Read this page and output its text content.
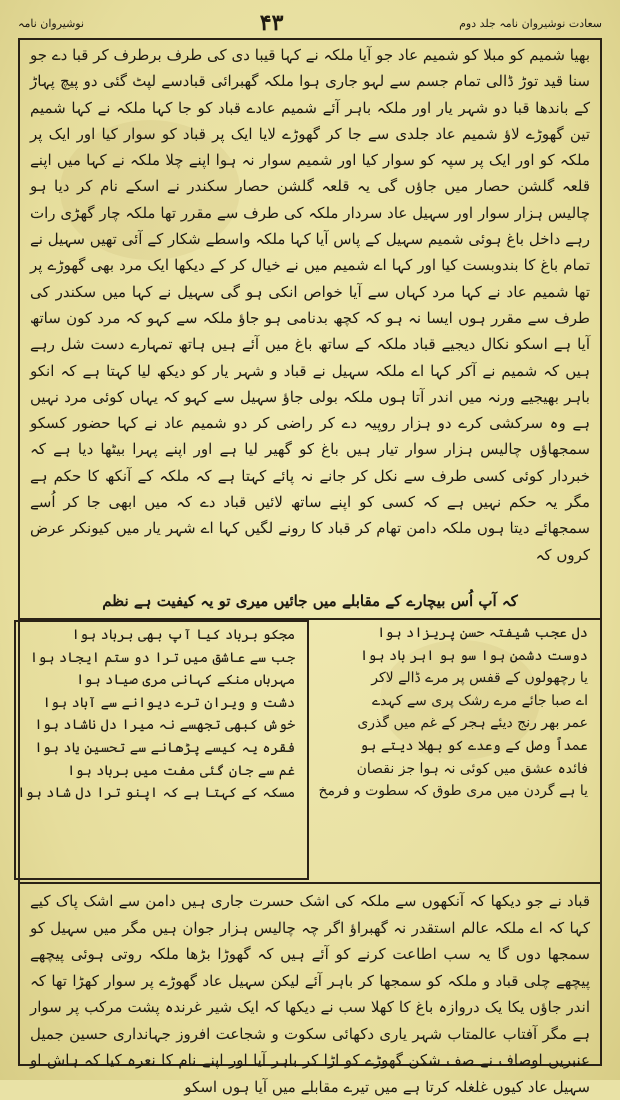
سعادت نوشیروان نامہ جلد دوم
۴۳
نوشیروان نامہ

بهیا شمیم کو مبلا کو شمیم عاد جو آیا ملکہ نے کہا قیبا دی کی طرف برطرف کر قبا دے جو سنا قید توڑ ڈالی تمام جسم سے لہو جاری ہوا ملکہ گھبرائی قبادسے لپٹ گئی دو پیچ پہاڑ کے باندھا قبا دو شہر یار اور ملکہ باہر آئے شمیم عادے قباد کو جا کہا ملکہ نے کہا شمیم تین گھوڑے لاؤ شمیم عاد جلدی سے جا کر گھوڑے لایا ایک پر قباد کو سوار کیا اور ایک پر ملکہ کو اور ایک پر سپہ کو سوار کیا اور شمیم سوار نہ ہوا اپنے چلا ملکہ نے کہا میں اپنے قلعہ گلشن حصار میں جاؤں گی یہ قلعہ گلشن حصار سکندر نے اسکے نام کر دیا ہو چالیس ہزار سوار اور سہیل عاد سردار ملکہ کی طرف سے مقرر تھا ملکہ چار گھڑی رات رہے داخل باغ ہوئی شمیم سہیل کے پاس آیا کہا ملکہ واسطے شکار کے آئی تھیں سہیل نے تمام باغ کا بندوبست کیا اور کہا اے شمیم میں نے خیال کر کے دیکھا ایک مرد بھی گھوڑے پر تھا شمیم عاد نے کہا مرد کہاں سے آیا خواص انکی ہو گی سہیل نے کہا میں سکندر کی طرف سے مقرر ہوں ایسا نہ ہو کہ کچھ بدنامی ہو جاؤ ملکہ سے کہو کہ مرد کون ساتھ آیا ہے اسکو نکال دیجیے قباد ملکہ کے ساتھ باغ میں آئے ہیں ہاتھ تمہارے دست شل رہے ہیں کہ شمیم نے آکر کہا اے ملکہ سہیل نے قباد و شہر یار کو دیکھ لیا کہتا ہے کہ انکو باہر بھیجیے ورنہ میں اندر آتا ہوں ملکہ بولی جاؤ سہیل سے کہو کہ یہاں کوئی مرد نہیں ہے وہ سرکشی کرے دو ہزار روپیہ دے کر راضی کر دو شمیم عاد نے کہا حضور کسکو سمجھاؤں چالیس ہزار سوار تیار ہیں باغ کو گھیر لیا ہے اور اپنے پہرا بیٹھا دیا ہے کہ خبردار کوئی کسی طرف سے نکل کر جانے نہ پائے کہتا ہے کہ ملکہ کے آنکھ کا حکم ہے مگر یہ حکم نہیں ہے کہ کسی کو اپنے ساتھ لائیں قباد دے کہ میں ابھی جا کر اُسے سمجھائے دیتا ہوں ملکہ دامن تھام کر قباد کا رونے لگیں کہا اے شہر یار میں کیونکر عرض کروں کہ

کہ آپ اُس بیچارے کے مقابلے میں جائیں میری تو یہ کیفیت ہے نظم
دل عجب شیفتہ حسن پریزاد ہوا
دوست دشمن ہوا سو ہو اہر باد ہوا
یا رچھولوں کے قفس پر مرے ڈالے لاکر
اے صبا جائے مرے رشک پری سے کہدے
عمر بھر رنج دیئے ہجر کے غم میں گذری
عمداً وصل کے وعدے کو بھلا دیتے ہو
فائدہ عشق میں کوئی نہ ہوا جز نقصان
یا ہے گردن میں مری طوق کہ سطوت و فرمخ
مجکو برباد کیا آپ بھی برباد ہوا
جب سے عاشق میں ترا دو ستم ایجاد ہوا
مہرباں منکے کہانی مری صیاد ہوا
دشت و ویران ترے دیوانے سے آباد ہوا
خوش کبھی تجھسے نہ میرا دل ناشاد ہوا
فقرہ یہ کیسے پڑھانے سے تحسین یاد ہوا
غم سے جان گئی مفت میں برباد ہوا
مسکہ کے کہتا ہے کہ اپنو ترا دل شاد ہوا

قباد نے جو دیکھا کہ آنکھوں سے ملکہ کی اشک حسرت جاری ہیں دامن سے اشک پاک کیے کہا کہ اے ملکہ عالم استقدر نہ گھبراؤ اگر چہ چالیس ہزار جوان ہیں مگر میں سہیل کو سمجھا دوں گا یہ سب اطاعت کرنے کو آئے ہیں کہ گھوڑا بڑھا ملکہ روتی ہوئی پیچھے پیچھے چلی قباد و ملکہ کو سمجھا کر باہر آئے لیکن سہیل عاد گھوڑے پر سوار کھڑا تھا کہ اندر جاؤں یکا یک دروازہ باغ کا کھلا سب نے دیکھا کہ ایک شیر غرندہ پشت مرکب پر سوار ہے مگر آفتاب عالمتاب شہر یاری دکھائی سکوت و شجاعت افروز جہانداری حسین جمیل عنبریں اوصاف نے صف شکن گھوڑے کو اڑا کر باہر آیا اور اپنے نام کا نعرہ کیا کہ ہاش او سہیل عاد کیوں غلغلہ کرتا ہے میں تیرے مقابلے میں آیا ہوں اسکو
